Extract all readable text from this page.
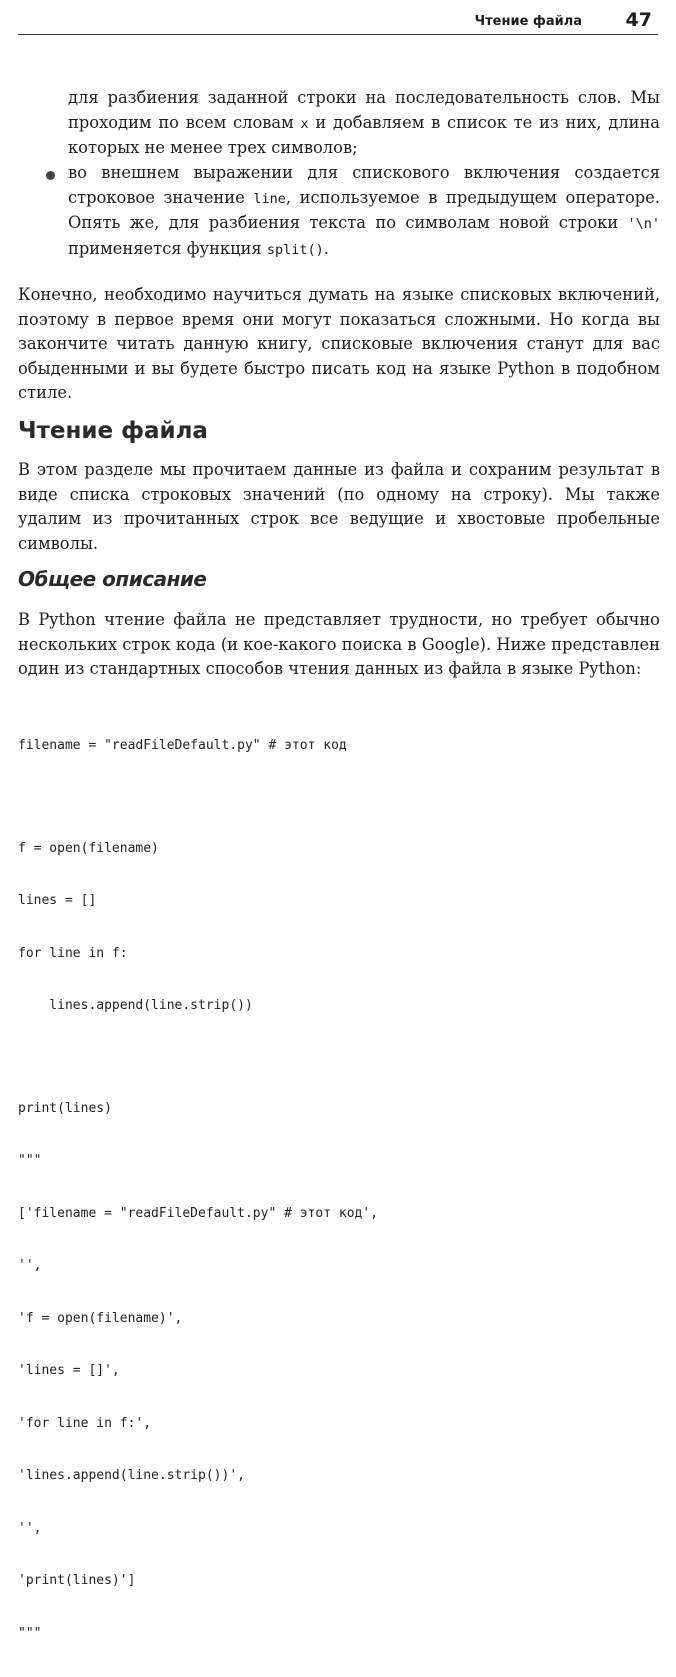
Чтение файла 47

для разбиения заданной строки на последовательность слов. Мы проходим по всем словам x и добавляем в список те из них, длина которых не менее трех символов;

во внешнем выражении для спискового включения создается строковое значение line, используемое в предыдущем операторе. Опять же, для разбиения текста по символам новой строки '\n' применяется функция split().

Конечно, необходимо научиться думать на языке списковых включений, поэтому в первое время они могут показаться сложными. Но когда вы закончите читать данную книгу, списковые включения станут для вас обыденными и вы будете быстро писать код на языке Python в подобном стиле.

Чтение файла

В этом разделе мы прочитаем данные из файла и сохраним результат в виде списка строковых значений (по одному на строку). Мы также удалим из прочитанных строк все ведущие и хвостовые пробельные символы.

Общее описание

В Python чтение файла не представляет трудности, но требует обычно нескольких строк кода (и кое-какого поиска в Google). Ниже представлен один из стандартных способов чтения данных из файла в языке Python:

filename = "readFileDefault.py" # этот код

f = open(filename)

lines = []

for line in f:

lines.append(line.strip())

print(lines)

"""

['filename = "readFileDefault.py" # этот код',

'',

'f = open(filename)',

'lines = []',

'for line in f:',

'lines.append(line.strip())',

'',

'print(lines)']

"""
